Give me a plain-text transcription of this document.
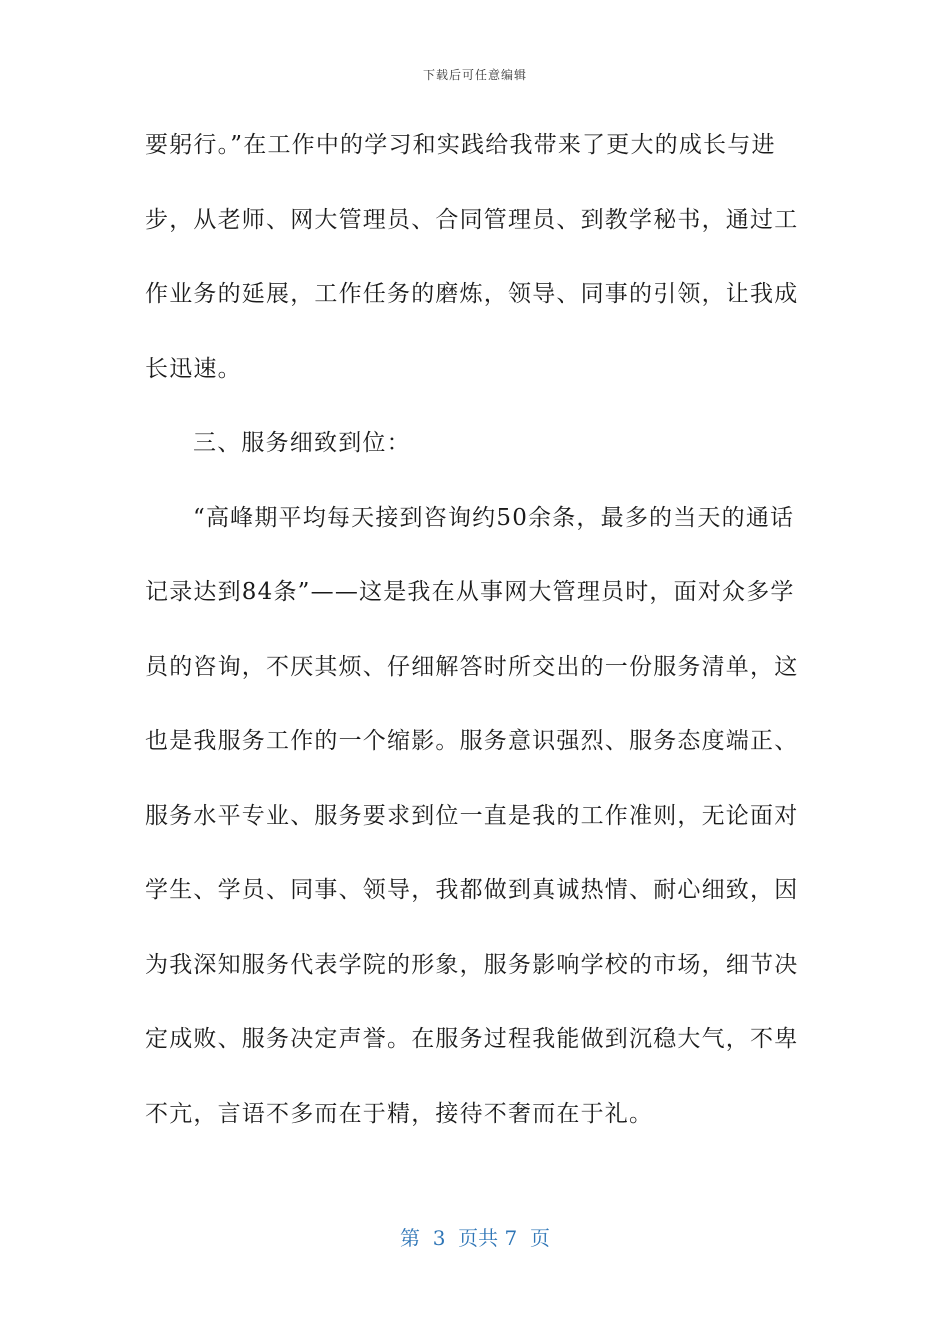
下载后可任意编辑
要躬行。”在工作中的学习和实践给我带来了更大的成长与进
步，从老师、网大管理员、合同管理员、到教学秘书，通过工
作业务的延展，工作任务的磨炼，领导、同事的引领，让我成
长迅速。
三、服务细致到位：
“高峰期平均每天接到咨询约50余条，最多的当天的通话
记录达到84条”——这是我在从事网大管理员时，面对众多学
员的咨询，不厌其烦、仔细解答时所交出的一份服务清单，这
也是我服务工作的一个缩影。服务意识强烈、服务态度端正、
服务水平专业、服务要求到位一直是我的工作准则，无论面对
学生、学员、同事、领导，我都做到真诚热情、耐心细致，因
为我深知服务代表学院的形象，服务影响学校的市场，细节决
定成败、服务决定声誉。在服务过程我能做到沉稳大气，不卑
不亢，言语不多而在于精，接待不奢而在于礼。
第  3  页共 7  页
